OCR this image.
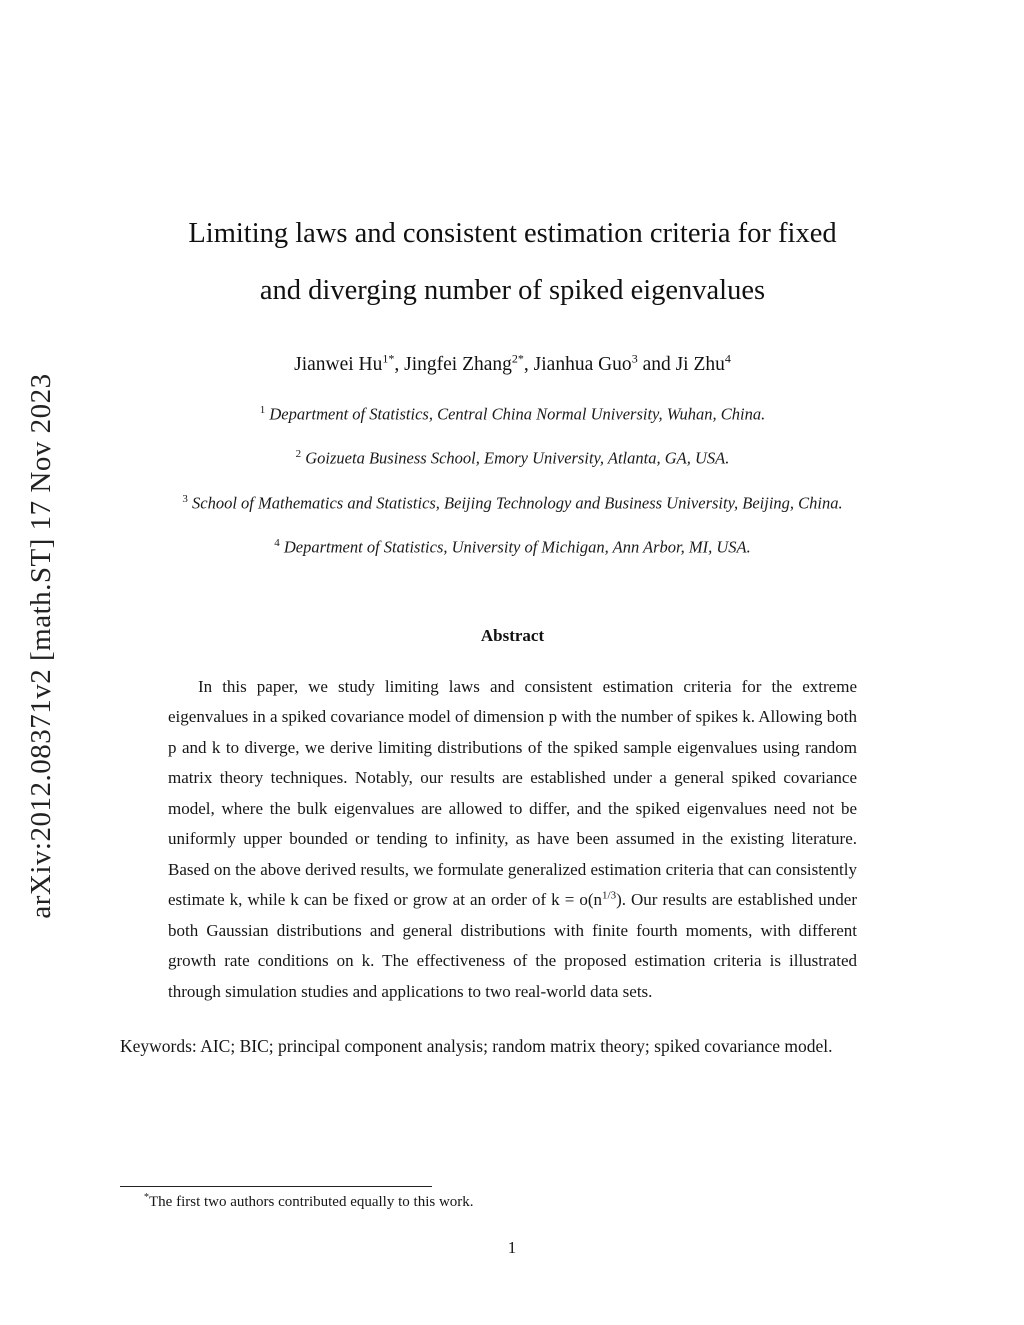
arXiv:2012.08371v2 [math.ST] 17 Nov 2023
Limiting laws and consistent estimation criteria for fixed
and diverging number of spiked eigenvalues
Jianwei $Hu^{1*}$, Jingfei Zhang$^{2*}$, Jianhua Guo$^3$ and Ji Zhu$^4$
$^1$ Department of Statistics, Central China Normal University, Wuhan, China.
$^2$ Goizueta Business School, Emory University, Atlanta, GA, USA.
$^3$ School of Mathematics and Statistics, Beijing Technology and Business University, Beijing, China.
$^4$ Department of Statistics, University of Michigan, Ann Arbor, MI, USA.
Abstract

In this paper, we study limiting laws and consistent estimation criteria for the extreme eigenvalues in a spiked covariance model of dimension p with the number of spikes k. Allowing both p and k to diverge, we derive limiting distributions of the spiked sample eigenvalues using random matrix theory techniques. Notably, our results are established under a general spiked covariance model, where the bulk eigenvalues are allowed to differ, and the spiked eigenvalues need not be uniformly upper bounded or tending to infinity, as have been assumed in the existing literature. Based on the above derived results, we formulate generalized estimation criteria that can consistently estimate k, while k can be fixed or grow at an order of $k = o(n^{1/3})$. Our results are established under both Gaussian distributions and general distributions with finite fourth moments, with different growth rate conditions on k. The effectiveness of the proposed estimation criteria is illustrated through simulation studies and applications to two real-world data sets.

Keywords: AIC; BIC; principal component analysis; random matrix theory; spiked covariance model.

*The first two authors contributed equally to this work.
1
